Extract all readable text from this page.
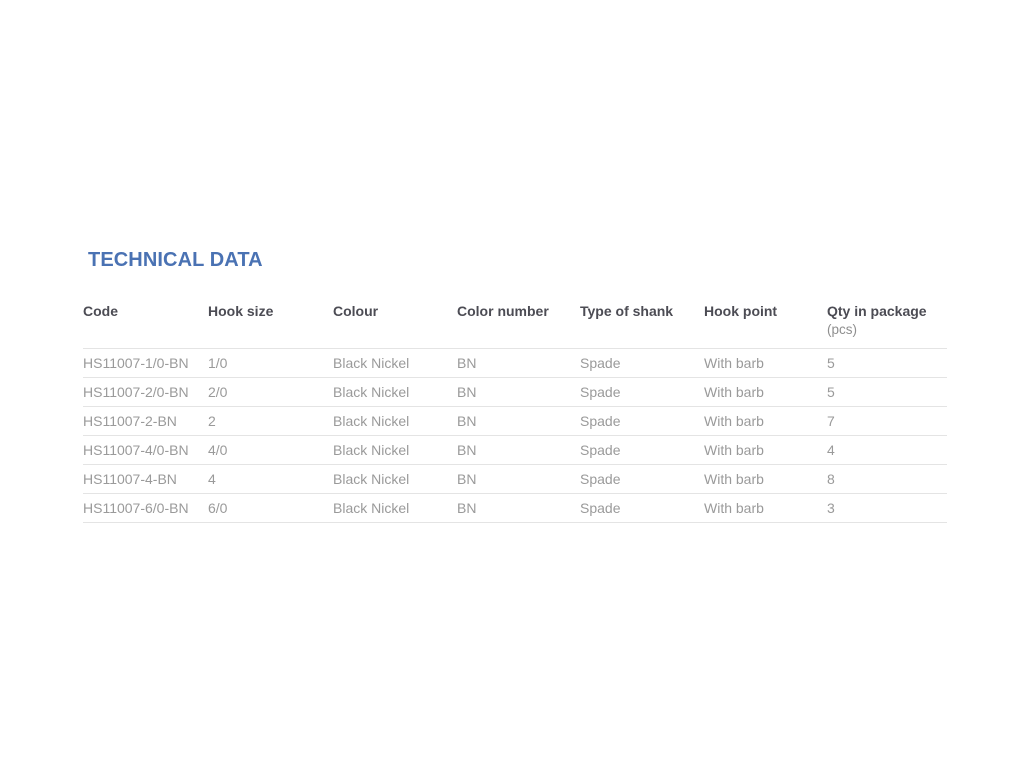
TECHNICAL DATA
Code	Hook size	Colour	Color number	Type of shank	Hook point	Qty in package
(pcs)

HS11007-1/0-BN	1/0	Black Nickel	BN	Spade	With barb	5
HS11007-2/0-BN	2/0	Black Nickel	BN	Spade	With barb	5
HS11007-2-BN	2	Black Nickel	BN	Spade	With barb	7
HS11007-4/0-BN	4/0	Black Nickel	BN	Spade	With barb	4
HS11007-4-BN	4	Black Nickel	BN	Spade	With barb	8
HS11007-6/0-BN	6/0	Black Nickel	BN	Spade	With barb	3
